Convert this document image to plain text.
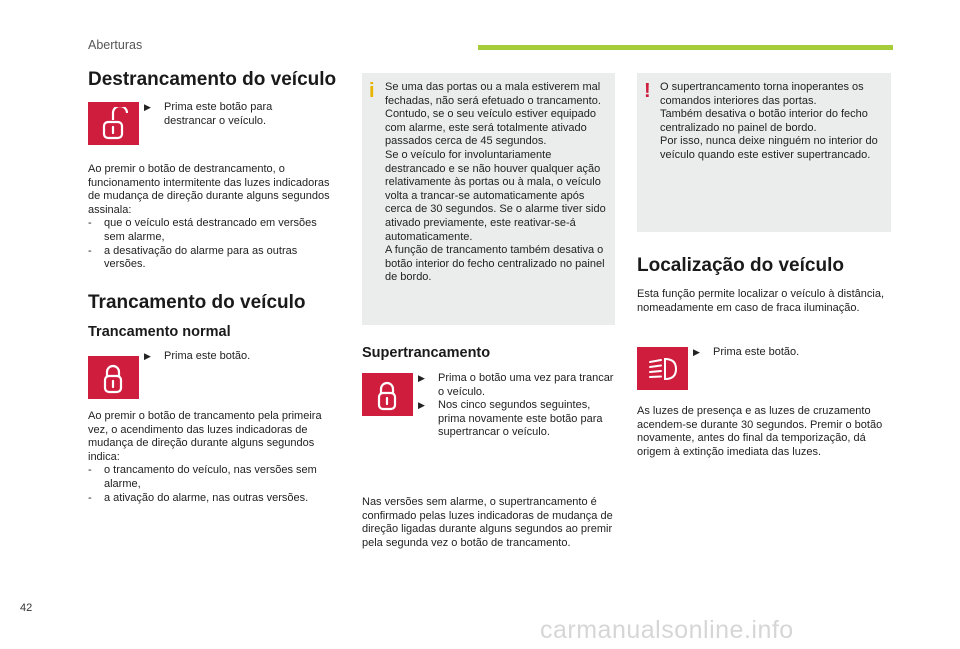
Aberturas
Destrancamento do veículo
▶	Prima este botão para destrancar o veículo.

Ao premir o botão de destrancamento, o funcionamento intermitente das luzes indicadoras de mudança de direção durante alguns segundos assinala:

-	que o veículo está destrancado em versões sem alarme,
-	a desativação do alarme para as outras versões.
Trancamento do veículo
Trancamento normal
▶	Prima este botão.

Ao premir o botão de trancamento pela primeira vez, o acendimento das luzes indicadoras de mudança de direção durante alguns segundos indica:

-	o trancamento do veículo, nas versões sem alarme,
-	a ativação do alarme, nas outras versões.
i Se uma das portas ou a mala estiverem mal fechadas, não será efetuado o trancamento. Contudo, se o seu veículo estiver equipado com alarme, este será totalmente ativado passados cerca de 45 segundos.

Se o veículo for involuntariamente destrancado e se não houver qualquer ação relativamente às portas ou à mala, o veículo volta a trancar-se automaticamente após cerca de 30 segundos. Se o alarme tiver sido ativado previamente, este reativar-se-á automaticamente.

A função de trancamento também desativa o botão interior do fecho centralizado no painel de bordo.

Supertrancamento
▶	Prima o botão uma vez para trancar o veículo.
▶	Nos cinco segundos seguintes, prima novamente este botão para supertrancar o veículo.

Nas versões sem alarme, o supertrancamento é confirmado pelas luzes indicadoras de mudança de direção ligadas durante alguns segundos ao premir pela segunda vez o botão de trancamento.

! O supertrancamento torna inoperantes os comandos interiores das portas.

Também desativa o botão interior do fecho centralizado no painel de bordo.

Por isso, nunca deixe ninguém no interior do veículo quando este estiver supertrancado.

Localização do veículo

Esta função permite localizar o veículo à distância, nomeadamente em caso de fraca iluminação.

▶	Prima este botão.

As luzes de presença e as luzes de cruzamento acendem-se durante 30 segundos. Premir o botão novamente, antes do final da temporização, dá origem à extinção imediata das luzes.

42
carmanualsonline.info
